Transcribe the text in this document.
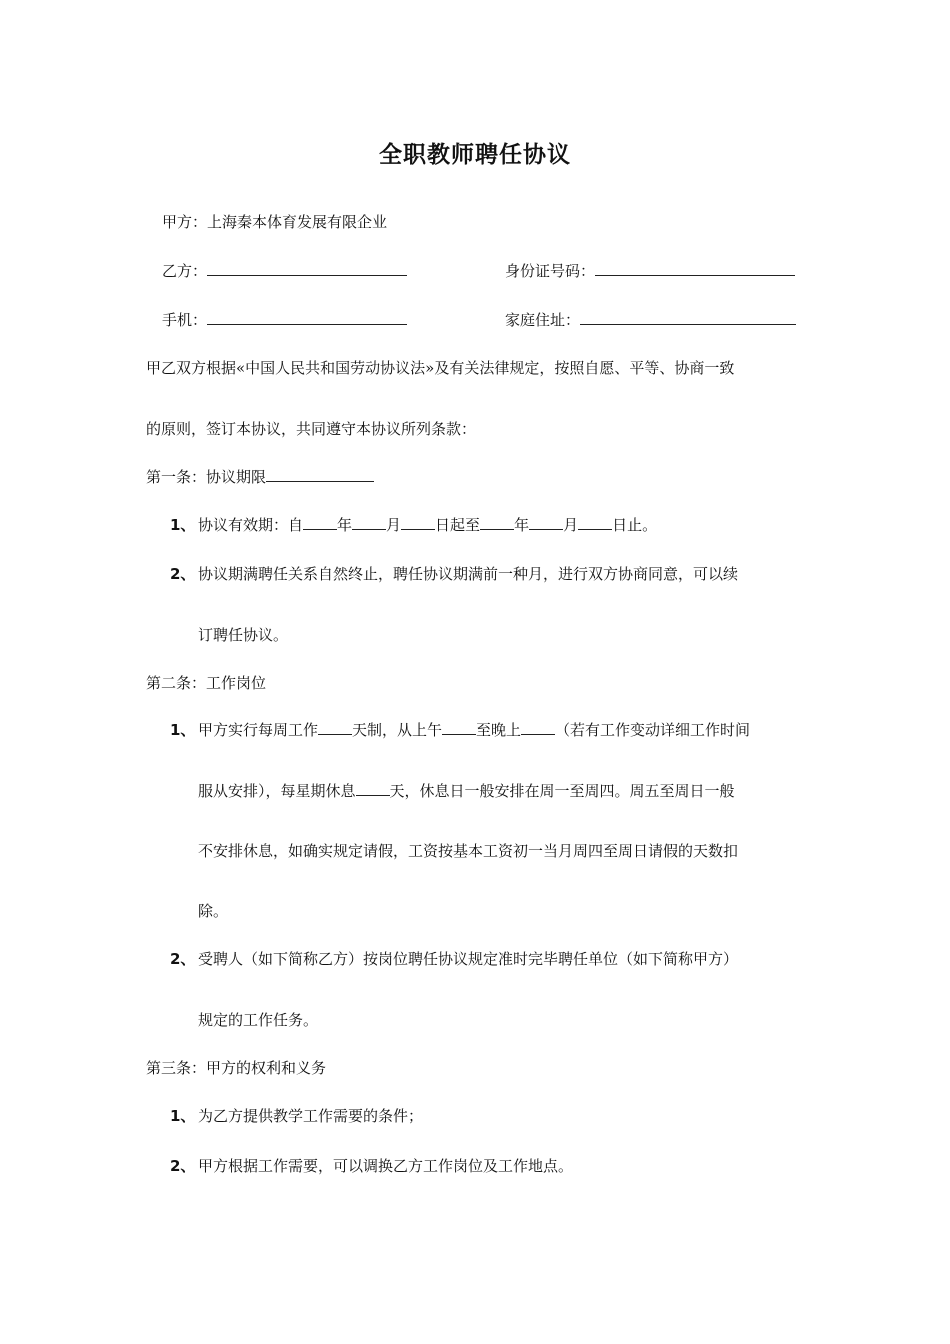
全职教师聘任协议
甲方：上海秦本体育发展有限企业
乙方：	身份证号码：
手机：	家庭住址：
甲乙双方根据«中国人民共和国劳动协议法»及有关法律规定，按照自愿、平等、协商一致
的原则，签订本协议，共同遵守本协议所列条款：
第一条：协议期限
1、 协议有效期：自 年 月 日起至 年 月 日止。
2、 协议期满聘任关系自然终止，聘任协议期满前一种月，进行双方协商同意，可以续
订聘任协议。
第二条：工作岗位
1、 甲方实行每周工作 天制，从上午 至晚上 （若有工作变动详细工作时间
服从安排），每星期休息 天，休息日一般安排在周一至周四。周五至周日一般
不安排休息，如确实规定请假，工资按基本工资初一当月周四至周日请假的天数扣
除。
2、 受聘人（如下简称乙方）按岗位聘任协议规定准时完毕聘任单位（如下简称甲方）
规定的工作任务。
第三条：甲方的权利和义务
1、 为乙方提供教学工作需要的条件；
2、 甲方根据工作需要，可以调换乙方工作岗位及工作地点。
